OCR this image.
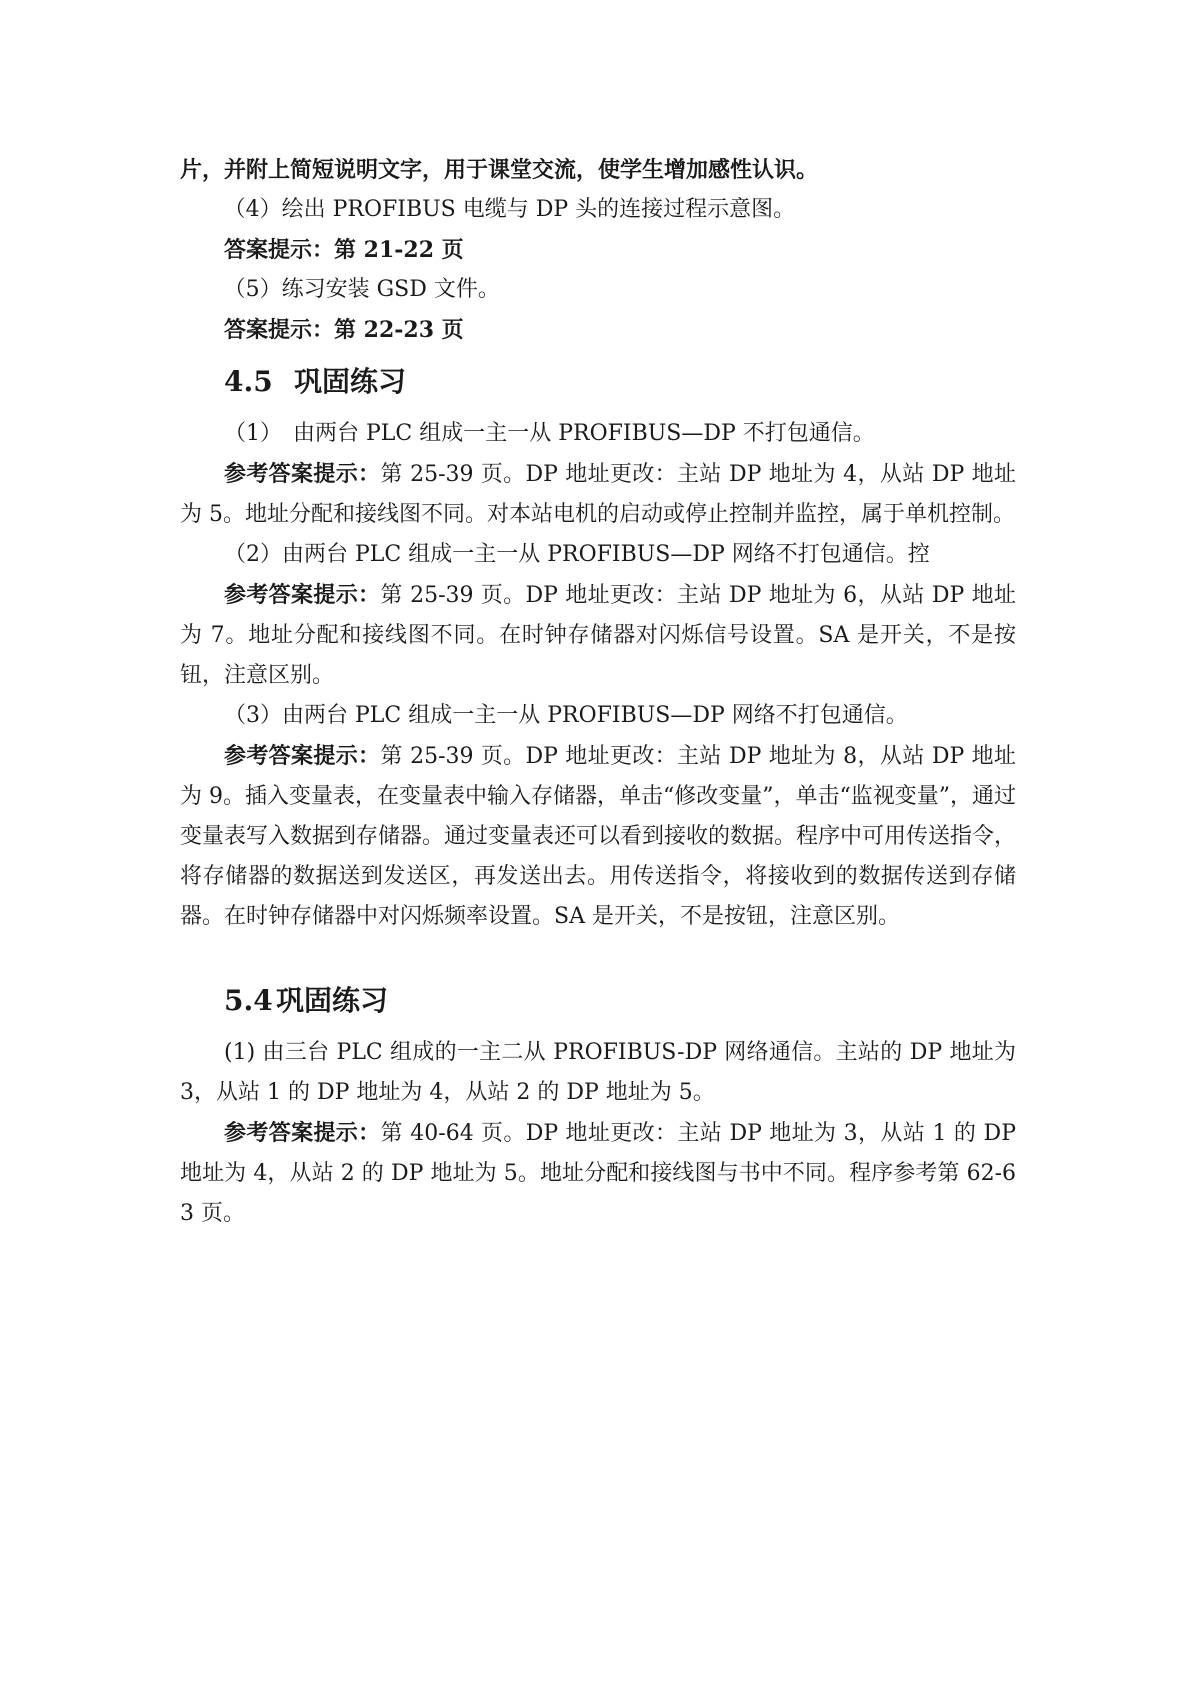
片，并附上简短说明文字，用于课堂交流，使学生增加感性认识。

（4）绘出 PROFIBUS 电缆与 DP 头的连接过程示意图。

答案提示：第 21-22 页

（5）练习安装 GSD 文件。

答案提示：第 22-23 页

4.5 巩固练习

（1）　由两台 PLC 组成一主一从 PROFIBUS—DP 不打包通信。

参考答案提示：第 25-39 页。DP 地址更改：主站 DP 地址为 4，从站 DP 地址为 5。地址分配和接线图不同。对本站电机的启动或停止控制并监控，属于单机控制。

（2）由两台 PLC 组成一主一从 PROFIBUS—DP 网络不打包通信。控

参考答案提示：第 25-39 页。DP 地址更改：主站 DP 地址为 6，从站 DP 地址为 7。地址分配和接线图不同。在时钟存储器对闪烁信号设置。SA 是开关，不是按钮，注意区别。

（3）由两台 PLC 组成一主一从 PROFIBUS—DP 网络不打包通信。

参考答案提示：第 25-39 页。DP 地址更改：主站 DP 地址为 8，从站 DP 地址为 9。插入变量表，在变量表中输入存储器，单击“修改变量”，单击“监视变量”，通过变量表写入数据到存储器。通过变量表还可以看到接收的数据。程序中可用传送指令，将存储器的数据送到发送区，再发送出去。用传送指令，将接收到的数据传送到存储器。在时钟存储器中对闪烁频率设置。SA 是开关，不是按钮，注意区别。

5.4 巩固练习

(1) 由三台 PLC 组成的一主二从 PROFIBUS-DP 网络通信。主站的 DP 地址为 3，从站 1 的 DP 地址为 4，从站 2 的 DP 地址为 5。

参考答案提示：第 40-64 页。DP 地址更改：主站 DP 地址为 3，从站 1 的 DP 地址为 4，从站 2 的 DP 地址为 5。地址分配和接线图与书中不同。程序参考第 62-63 页。
